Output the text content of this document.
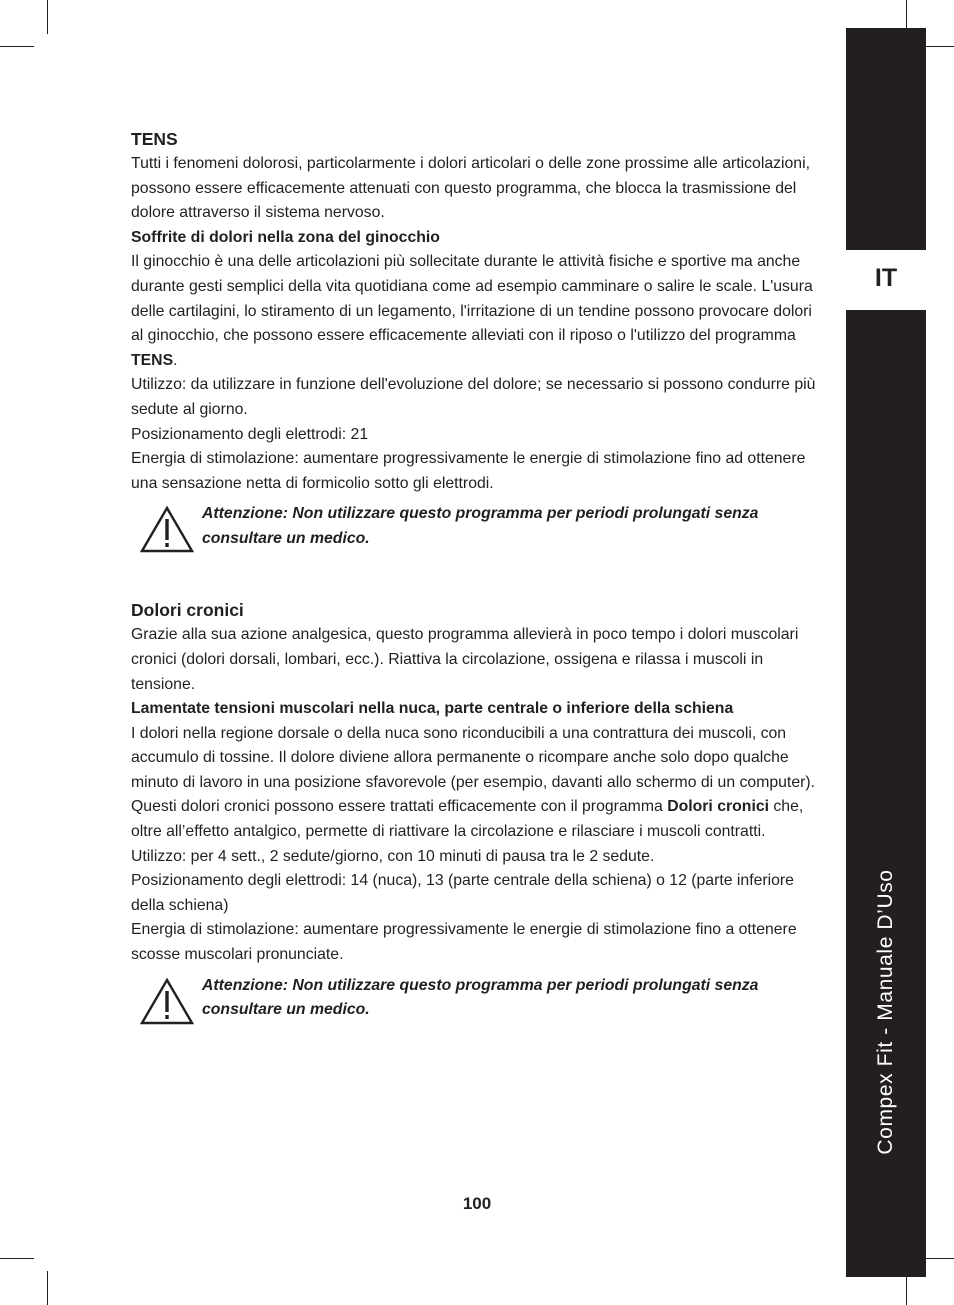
IT
Compex Fit - Manuale D’Uso
TENS

Tutti i fenomeni dolorosi, particolarmente i dolori articolari o delle zone prossime alle articolazioni, possono essere efficacemente attenuati con questo programma, che blocca la trasmissione del dolore attraverso il sistema nervoso.

Soffrite di dolori nella zona del ginocchio

Il ginocchio è una delle articolazioni più sollecitate durante le attività fisiche e sportive ma anche durante gesti semplici della vita quotidiana come ad esempio camminare o salire le scale. L'usura delle cartilagini, lo stiramento di un legamento, l'irritazione di un tendine possono provocare dolori al ginocchio, che possono essere efficacemente alleviati con il riposo o l'utilizzo del programma TENS.

Utilizzo: da utilizzare in funzione dell'evoluzione del dolore; se necessario si possono condurre più sedute al giorno.

Posizionamento degli elettrodi: 21

Energia di stimolazione: aumentare progressivamente le energie di stimolazione fino ad ottenere una sensazione netta di formicolio sotto gli elettrodi.

Attenzione: Non utilizzare questo programma per periodi prolungati senza consultare un medico.

Dolori cronici

Grazie alla sua azione analgesica, questo programma allevierà in poco tempo i dolori muscolari cronici (dolori dorsali, lombari, ecc.). Riattiva la circolazione, ossigena e rilassa i muscoli in tensione.

Lamentate tensioni muscolari nella nuca, parte centrale o inferiore della schiena

I dolori nella regione dorsale o della nuca sono riconducibili a una contrattura dei muscoli, con accumulo di tossine. Il dolore diviene allora permanente o ricompare anche solo dopo qualche minuto di lavoro in una posizione sfavorevole (per esempio, davanti allo schermo di un computer).

Questi dolori cronici possono essere trattati efficacemente con il programma Dolori cronici che, oltre all’effetto antalgico, permette di riattivare la circolazione e rilasciare i muscoli contratti.

Utilizzo: per 4 sett., 2 sedute/giorno, con 10 minuti di pausa tra le 2 sedute.

Posizionamento degli elettrodi: 14 (nuca), 13 (parte centrale della schiena) o 12 (parte inferiore della schiena)

Energia di stimolazione: aumentare progressivamente le energie di stimolazione fino a ottenere scosse muscolari pronunciate.

Attenzione: Non utilizzare questo programma per periodi prolungati senza consultare un medico.

100
